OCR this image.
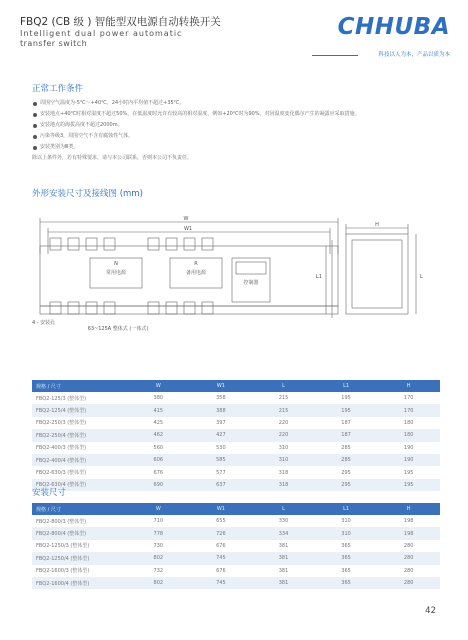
FBQ2 (CB 级 ) 智能型双电源自动转换开关
Intelligent dual power automatic
transfer switch
CHHUBA
科技以人为本，产品以质为本
正常工作条件
周围空气温度为-5℃～+40℃，24小时内平均值不超过+35℃。
安装地点+40℃时相对湿度不超过50%，在低温度时允许有较高的相对湿度，例如+20℃时为90%，对因温度变化偶尔产生的凝露应采取措施。
安装地点的海拔高度不超过2000m。
污染等级3，周围空气不含有腐蚀性气体。
安装类别为Ⅲ类。
除以上条件外，若有特殊要求，请与本公司联系，否则本公司不负责任。
外形安装尺寸及接线图 (mm)
W
W1
H
L
L1
N	R
常用电源	备用电源
控制器
4 - 安装孔
63~125A 整体式 (一体式)
规格 / 尺寸	W	W1	L	L1	H
FBQ2-125/3 (整体型)	380	358	215	195	170
FBQ2-125/4 (整体型)	415	388	215	195	170
FBQ2-250/3 (整体型)	425	397	220	187	180
FBQ2-250/4 (整体型)	462	427	220	187	180
FBQ2-400/3 (整体型)	560	530	310	285	190
FBQ2-400/4 (整体型)	606	585	310	285	190
FBQ2-630/3 (整体型)	676	577	318	295	195
FBQ2-630/4 (整体型)	690	637	318	295	195
安装尺寸
规格 / 尺寸	W	W1	L	L1	H
FBQ2-800/3 (整体型)	710	655	330	310	198
FBQ2-800/4 (整体型)	778	726	334	310	198
FBQ2-1250/3 (整体型)	730	676	381	365	280
FBQ2-1250/4 (整体型)	802	745	381	365	280
FBQ2-1600/3 (整体型)	732	676	381	365	280
FBQ2-1600/4 (整体型)	802	745	381	365	280
42
